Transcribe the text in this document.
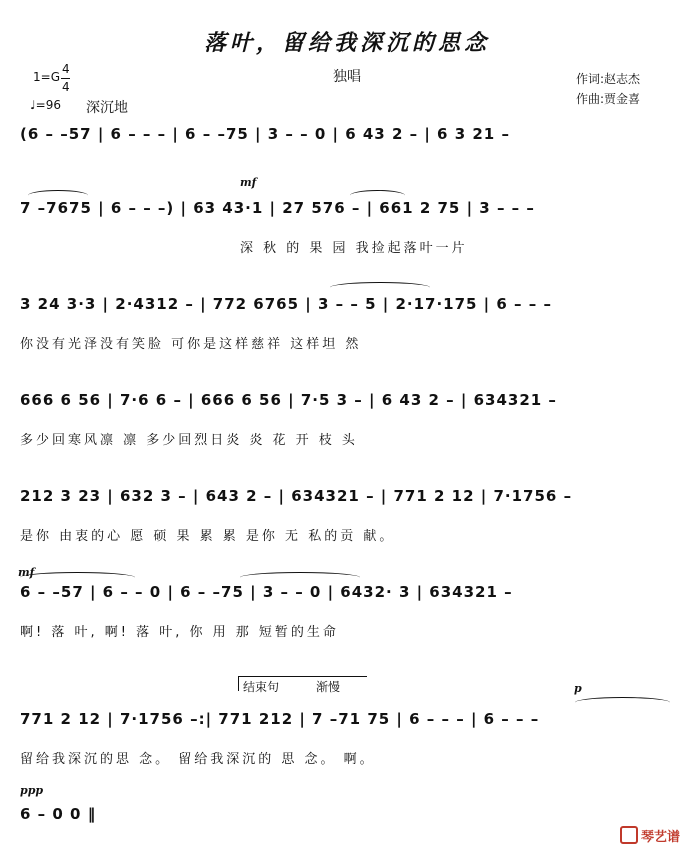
落叶，留给我深沉的思念
独唱
1=G
4
4
♩=96 深沉地
作词:赵志杰
作曲:贾金喜
(6 – –57 | 6 – – – | 6 – –75 | 3 – – 0 | 6 43 2 – | 6 3 21 –
mf
7 –7675 | 6 – – –) | 63 43·1 | 27 576 – | 661 2 75 | 3 – – –
深 秋 的 果 园 我捡起落叶一片
3 24 3·3 | 2·4312 – | 772 6765 | 3 – – 5 | 2·17·175 | 6 – – –
你没有光泽没有笑脸 可你是这样慈祥 这样坦 然
666 6 56 | 7·6 6 – | 666 6 56 | 7·5 3 – | 6 43 2 – | 634321 –
多少回寒风凛 凛 多少回烈日炎 炎 花 开 枝 头
212 3 23 | 632 3 – | 643 2 – | 634321 – | 771 2 12 | 7·1756 –
是你 由衷的心 愿 硕 果 累 累 是你 无 私的贡 献。
mf
6 – –57 | 6 – – 0 | 6 – –75 | 3 – – 0 | 6432· 3 | 634321 –
啊! 落 叶, 啊! 落 叶, 你 用 那 短暂的生命
结束句	渐慢	p
771 2 12 | 7·1756 –:| 771 212 | 7 –71 75 | 6 – – – | 6 – – –
留给我深沉的思 念。 留给我深沉的 思 念。 啊。
ppp
6 – 0 0 ‖
琴艺谱
